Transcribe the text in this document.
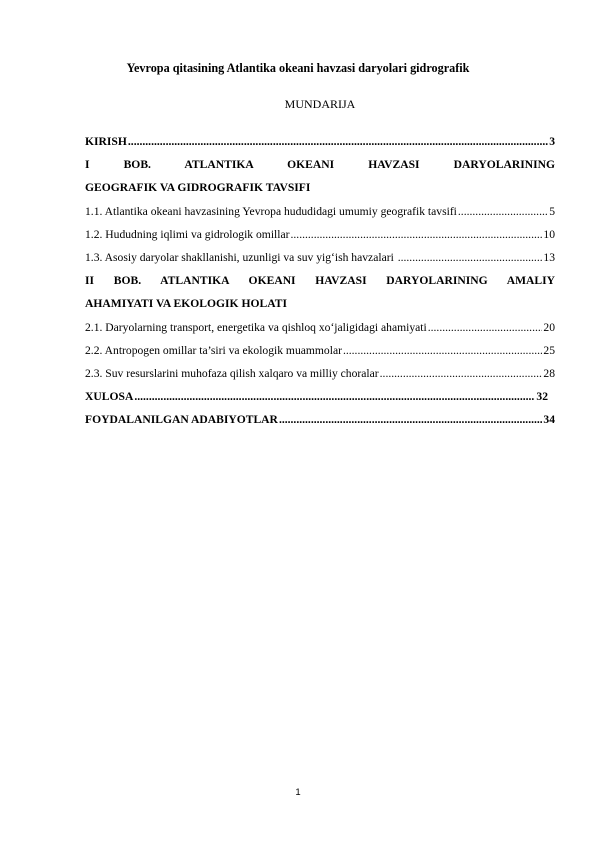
Yevropa qitasining Atlantika okeani havzasi daryolari gidrografik
MUNDARIJA
KIRISH .....	3
I BOB. ATLANTIKA OKEANI HAVZASI DARYOLARINING
GEOGRAFIK VA GIDROGRAFIK TAVSIFI
1.1. Atlantika okeani havzasining Yevropa hududidagi umumiy geografik tavsifi .....	5
1.2. Hududning iqlimi va gidrologik omillar .....	10
1.3. Asosiy daryolar shakllanishi, uzunligi va suv yig‘ish havzalari .....	13
II BOB. ATLANTIKA OKEANI HAVZASI DARYOLARINING AMALIY
AHAMIYATI VA EKOLOGIK HOLATI
2.1. Daryolarning transport, energetika va qishloq xo‘jaligidagi ahamiyati .....	20
2.2. Antropogen omillar ta’siri va ekologik muammolar .....	25
2.3. Suv resurslarini muhofaza qilish xalqaro va milliy choralar .....	28
XULOSA .....	32
FOYDALANILGAN ADABIYOTLAR .....	34
1
